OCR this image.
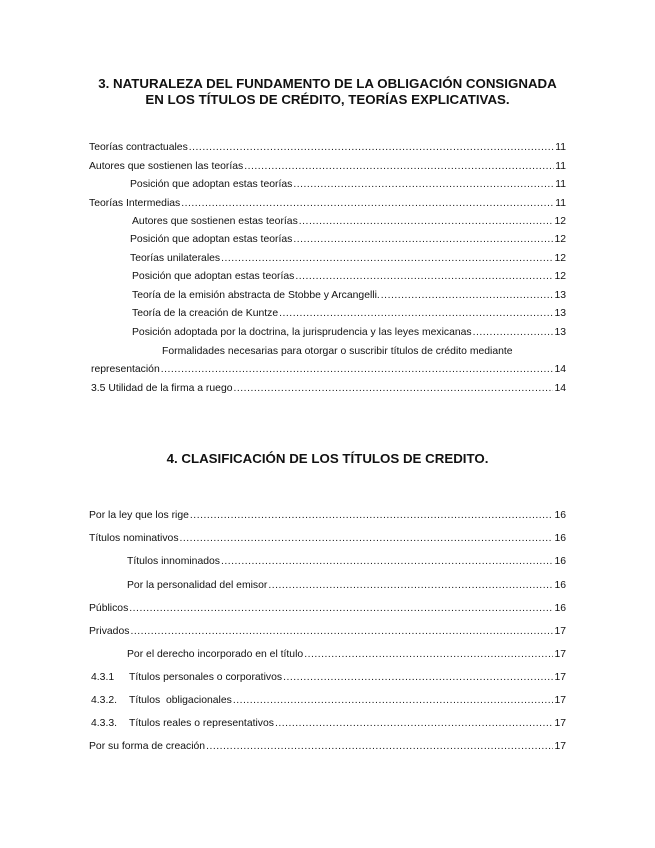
3. NATURALEZA DEL FUNDAMENTO DE LA OBLIGACIÓN CONSIGNADA
EN LOS TÍTULOS DE CRÉDITO, TEORÍAS EXPLICATIVAS.
Teorías contractuales .....	11
Autores que sostienen las teorías .....	11
Posición que adoptan estas teorías .....	11
Teorías Intermedias .....	11
Autores que sostienen estas teorías .....	12
Posición que adoptan estas teorías .....	12
Teorías unilaterales .....	12
Posición que adoptan estas teorías .....	12
Teoría de la emisión abstracta de Stobbe y Arcangelli. .....	13
Teoría de la creación de Kuntze .....	13
Posición adoptada por la doctrina, la jurisprudencia y las leyes mexicanas .....	13
Formalidades necesarias para otorgar o suscribir títulos de crédito mediante
representación .....	14
3.5 Utilidad de la firma a ruego .....	14
4. CLASIFICACIÓN DE LOS TÍTULOS DE CREDITO.
Por la ley que los rige .....	16
Títulos nominativos .....	16
Títulos innominados .....	16
Por la personalidad del emisor .....	16
Públicos .....	16
Privados .....	17
Por el derecho incorporado en el título .....	17
4.3.1	Títulos personales o corporativos .....	17
4.3.2. Títulos  obligacionales .....	17
4.3.3. Títulos reales o representativos .....	17
Por su forma de creación .....	17
